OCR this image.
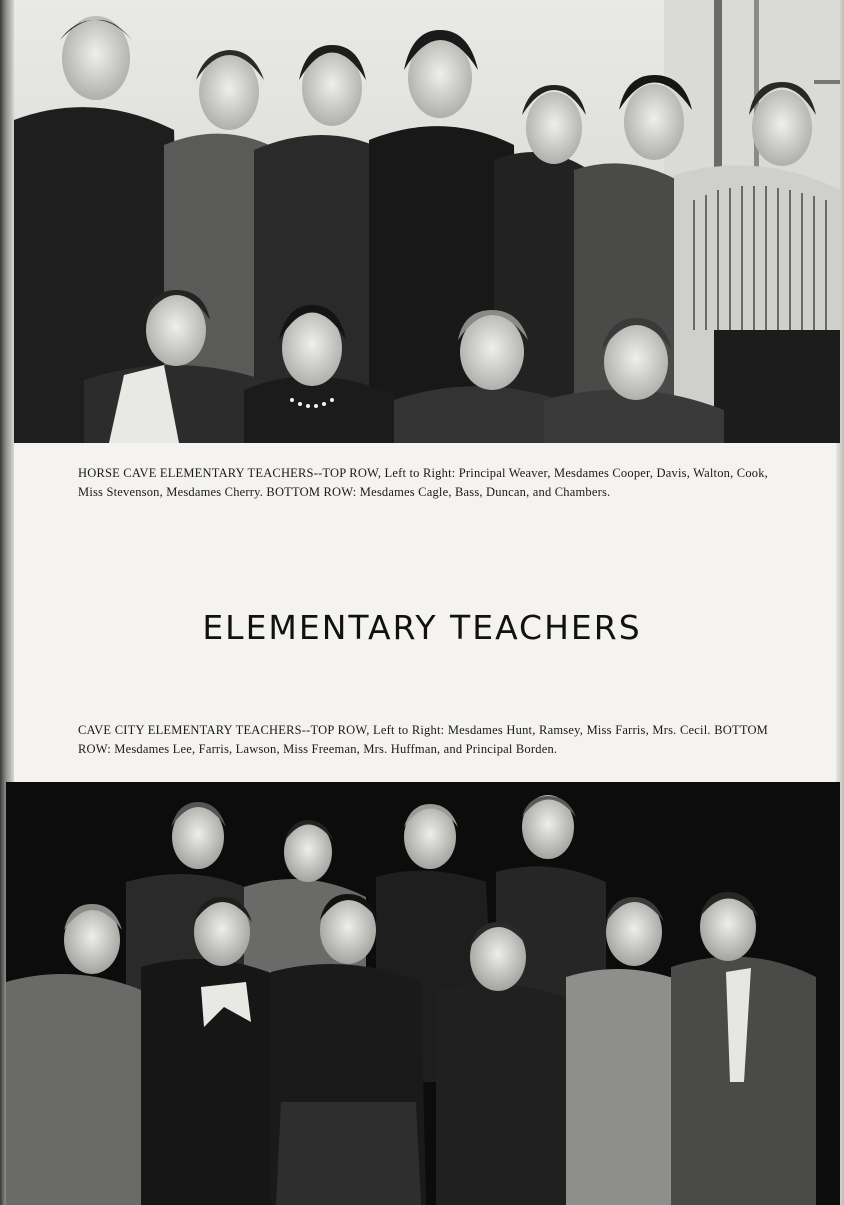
HORSE CAVE ELEMENTARY TEACHERS--TOP ROW, Left to Right: Principal Weaver, Mesdames Cooper, Davis, Walton, Cook, Miss Stevenson, Mesdames Cherry. BOTTOM ROW: Mesdames Cagle, Bass, Duncan, and Chambers.

ELEMENTARY TEACHERS

CAVE CITY ELEMENTARY TEACHERS--TOP ROW, Left to Right: Mesdames Hunt, Ramsey, Miss Farris, Mrs. Cecil. BOTTOM ROW: Mesdames Lee, Farris, Lawson, Miss Freeman, Mrs. Huffman, and Principal Borden.
